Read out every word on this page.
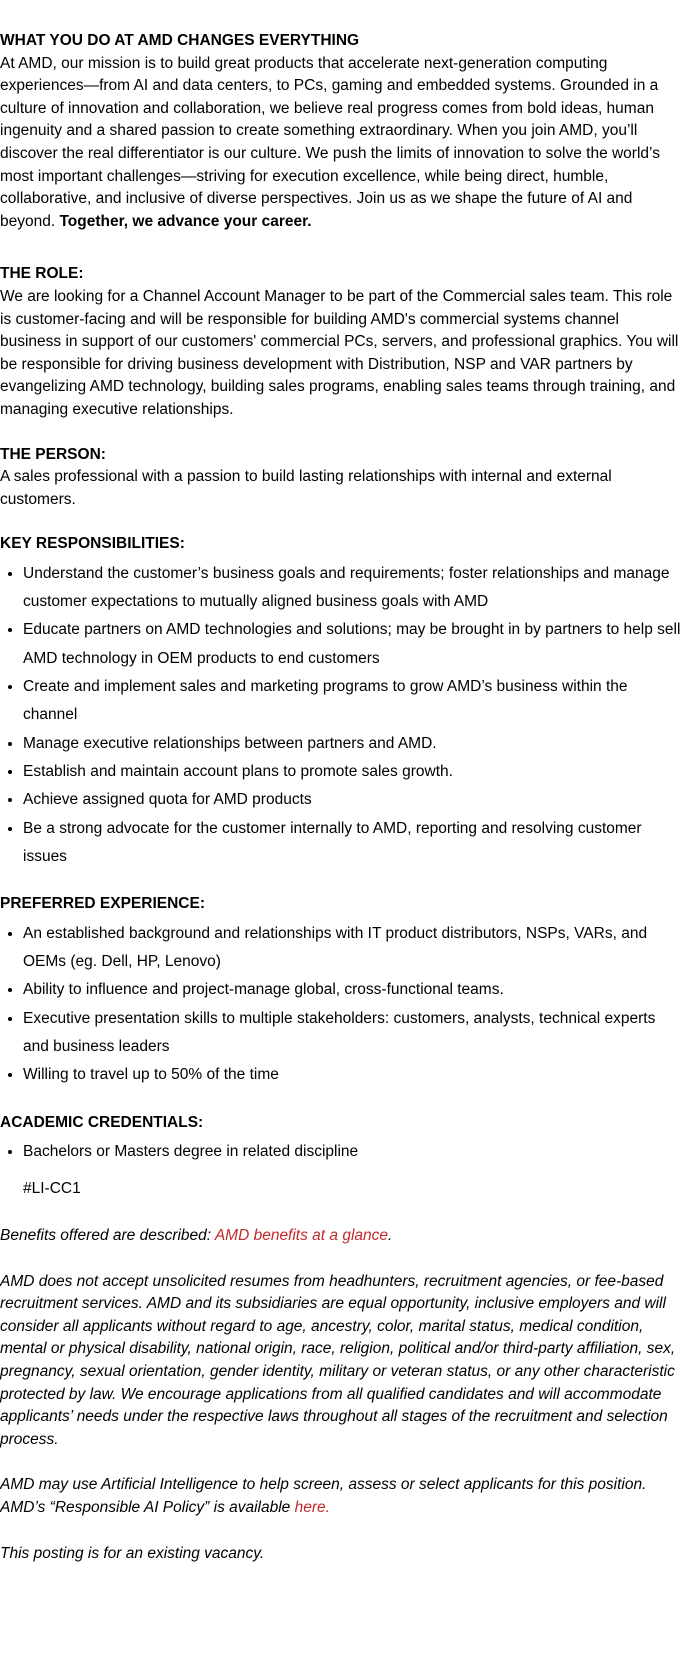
WHAT YOU DO AT AMD CHANGES EVERYTHING

At AMD, our mission is to build great products that accelerate next-generation computing experiences—from AI and data centers, to PCs, gaming and embedded systems. Grounded in a culture of innovation and collaboration, we believe real progress comes from bold ideas, human ingenuity and a shared passion to create something extraordinary. When you join AMD, you’ll discover the real differentiator is our culture. We push the limits of innovation to solve the world’s most important challenges—striving for execution excellence, while being direct, humble, collaborative, and inclusive of diverse perspectives. Join us as we shape the future of AI and beyond. Together, we advance your career.

THE ROLE:

We are looking for a Channel Account Manager to be part of the Commercial sales team. This role is customer-facing and will be responsible for building AMD's commercial systems channel business in support of our customers' commercial PCs, servers, and professional graphics. You will be responsible for driving business development with Distribution, NSP and VAR partners by evangelizing AMD technology, building sales programs, enabling sales teams through training, and managing executive relationships.

THE PERSON:

A sales professional with a passion to build lasting relationships with internal and external customers.

KEY RESPONSIBILITIES:

• Understand the customer’s business goals and requirements; foster relationships and manage customer expectations to mutually aligned business goals with AMD
• Educate partners on AMD technologies and solutions; may be brought in by partners to help sell AMD technology in OEM products to end customers
• Create and implement sales and marketing programs to grow AMD’s business within the channel
• Manage executive relationships between partners and AMD.
• Establish and maintain account plans to promote sales growth.
• Achieve assigned quota for AMD products
• Be a strong advocate for the customer internally to AMD, reporting and resolving customer issues

PREFERRED EXPERIENCE:

• An established background and relationships with IT product distributors, NSPs, VARs, and OEMs (eg. Dell, HP, Lenovo)
• Ability to influence and project-manage global, cross-functional teams.
• Executive presentation skills to multiple stakeholders: customers, analysts, technical experts and business leaders
• Willing to travel up to 50% of the time

ACADEMIC CREDENTIALS:

• Bachelors or Masters degree in related discipline

#LI-CC1

Benefits offered are described: AMD benefits at a glance.

AMD does not accept unsolicited resumes from headhunters, recruitment agencies, or fee-based recruitment services. AMD and its subsidiaries are equal opportunity, inclusive employers and will consider all applicants without regard to age, ancestry, color, marital status, medical condition, mental or physical disability, national origin, race, religion, political and/or third-party affiliation, sex, pregnancy, sexual orientation, gender identity, military or veteran status, or any other characteristic protected by law. We encourage applications from all qualified candidates and will accommodate applicants’ needs under the respective laws throughout all stages of the recruitment and selection process.

AMD may use Artificial Intelligence to help screen, assess or select applicants for this position. AMD’s “Responsible AI Policy” is available here.

This posting is for an existing vacancy.
